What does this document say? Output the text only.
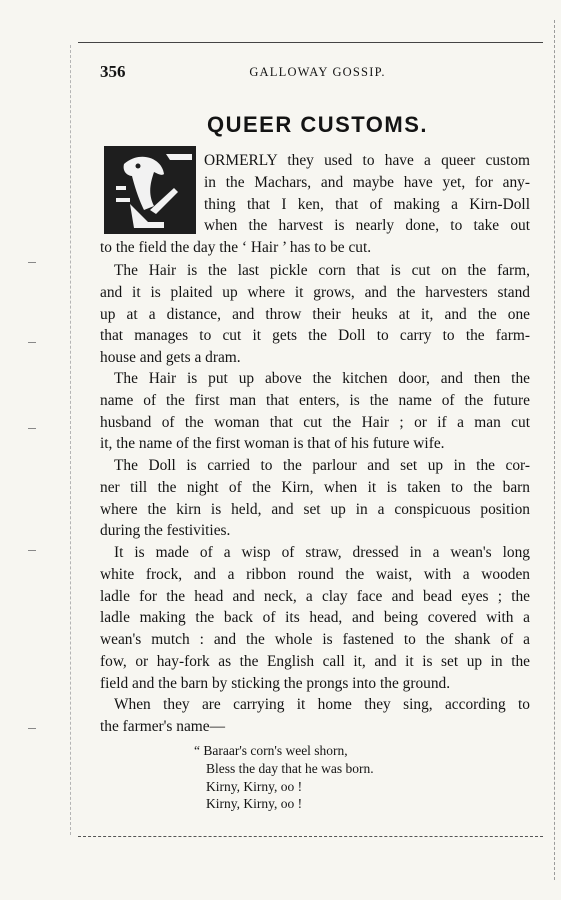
356	GALLOWAY GOSSIP.
QUEER CUSTOMS.
ORMERLY they used to have a queer custom
in the Machars, and maybe have yet, for any-
thing that I ken, that of making a Kirn-Doll
when the harvest is nearly done, to take out
to the field the day the ‘ Hair ’ has to be cut.
The Hair is the last pickle corn that is cut on the farm,
and it is plaited up where it grows, and the harvesters stand
up at a distance, and throw their heuks at it, and the one
that manages to cut it gets the Doll to carry to the farm-
house and gets a dram.
The Hair is put up above the kitchen door, and then the
name of the first man that enters, is the name of the future
husband of the woman that cut the Hair ; or if a man cut
it, the name of the first woman is that of his future wife.
The Doll is carried to the parlour and set up in the cor-
ner till the night of the Kirn, when it is taken to the barn
where the kirn is held, and set up in a conspicuous position
during the festivities.
It is made of a wisp of straw, dressed in a wean's long
white frock, and a ribbon round the waist, with a wooden
ladle for the head and neck, a clay face and bead eyes ; the
ladle making the back of its head, and being covered with a
wean's mutch : and the whole is fastened to the shank of a
fow, or hay-fork as the English call it, and it is set up in the
field and the barn by sticking the prongs into the ground.
When they are carrying it home they sing, according to
the farmer's name—
“ Baraar's corn's weel shorn,
Bless the day that he was born.
Kirny, Kirny, oo !
Kirny, Kirny, oo !
